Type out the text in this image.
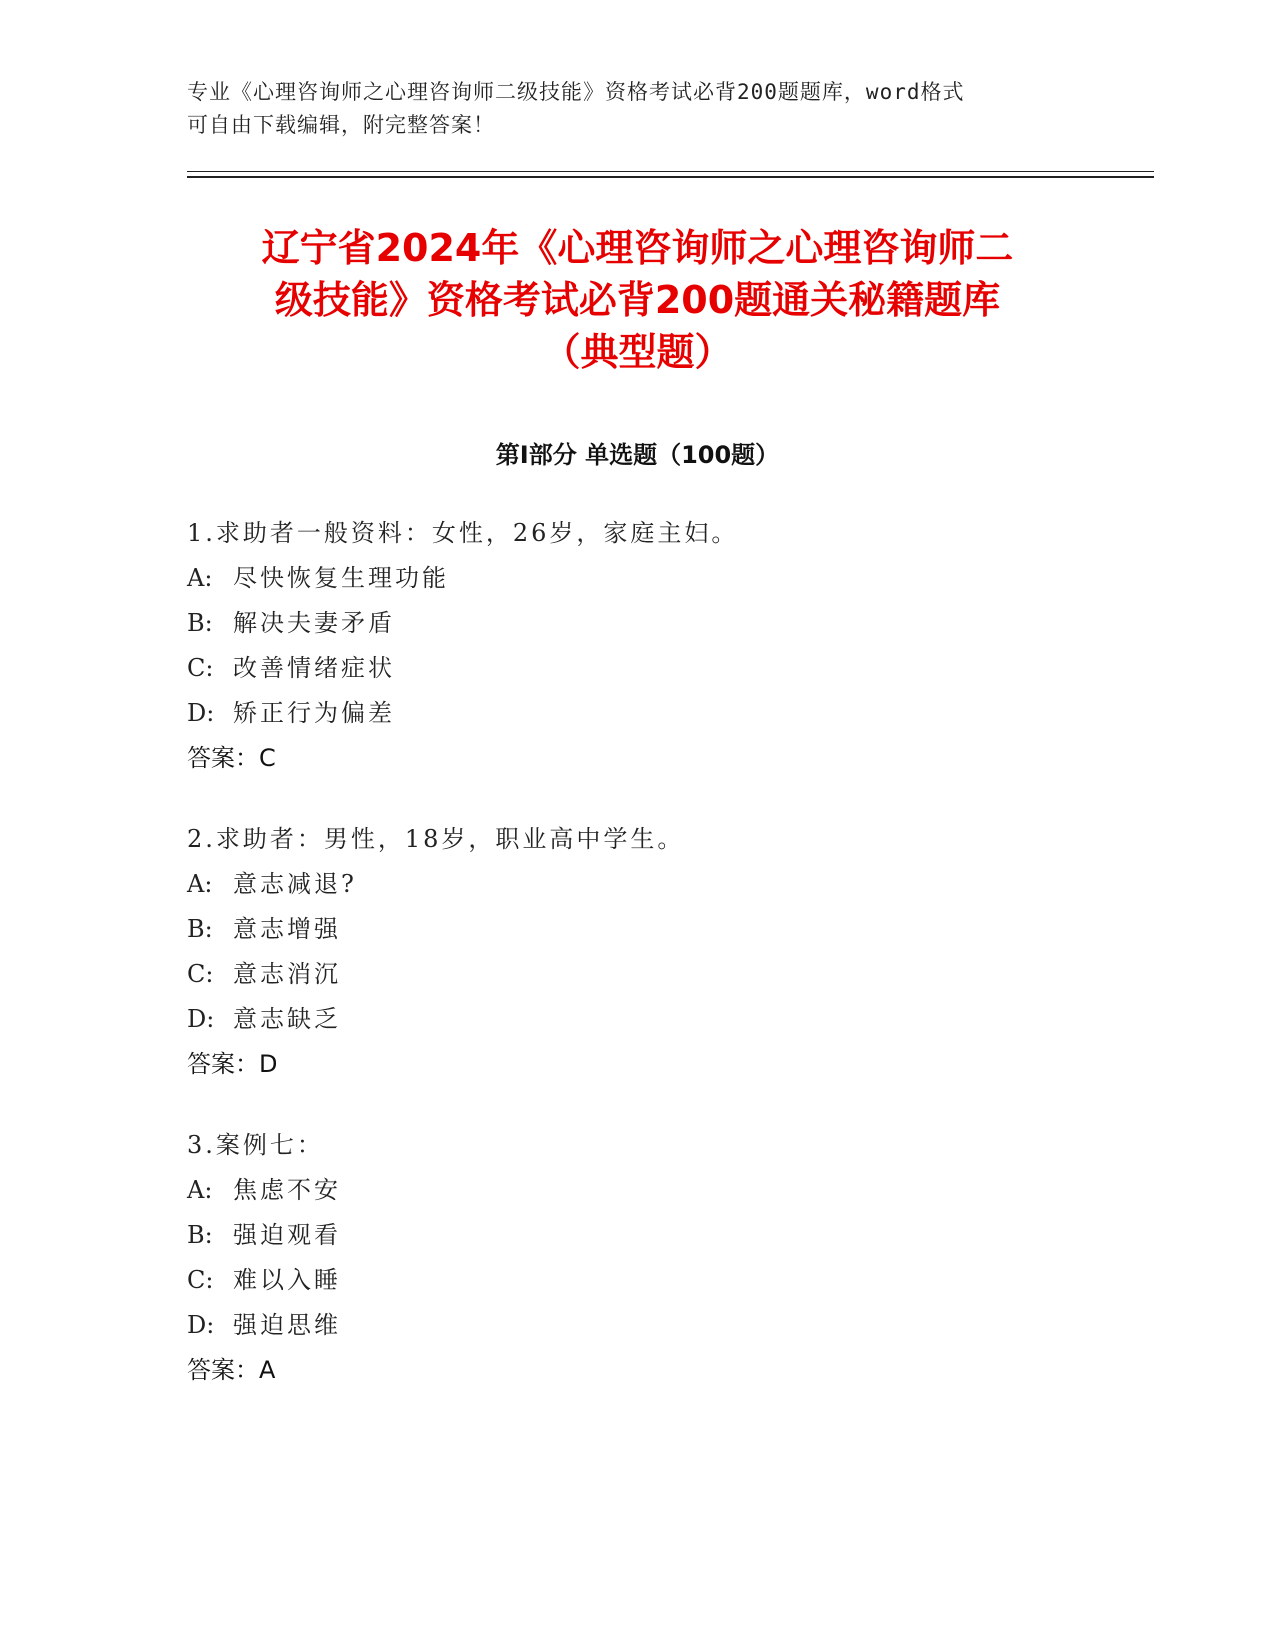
专业《心理咨询师之心理咨询师二级技能》资格考试必背200题题库，word格式
可自由下载编辑，附完整答案！
辽宁省2024年《心理咨询师之心理咨询师二
级技能》资格考试必背200题通关秘籍题库
（典型题）
第Ⅰ部分 单选题（100题）
1.求助者一般资料：女性，26岁，家庭主妇。
A: 尽快恢复生理功能
B: 解决夫妻矛盾
C: 改善情绪症状
D: 矫正行为偏差
答案：C
2.求助者：男性，18岁，职业高中学生。
A: 意志减退?
B: 意志增强
C: 意志消沉
D: 意志缺乏
答案：D
3.案例七：
A: 焦虑不安
B: 强迫观看
C: 难以入睡
D: 强迫思维
答案：A
